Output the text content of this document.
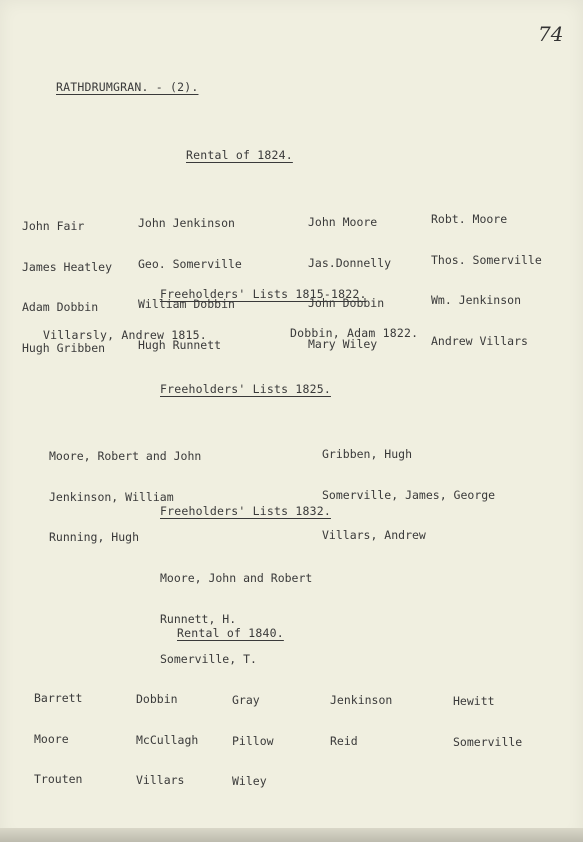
74
RATHDRUMGRAN. - (2).
Rental of 1824.

John Fair

James Heatley

Adam Dobbin

Hugh Gribben

John Jenkinson

Geo. Somerville

William Dobbin

Hugh Runnett

John Moore

Jas.Donnelly

John Dobbin

Mary Wiley

Robt. Moore

Thos. Somerville

Wm. Jenkinson

Andrew Villars

Freeholders' Lists 1815-1822.
Villarsly, Andrew 1815.	Dobbin, Adam 1822.
Freeholders' Lists 1825.

Moore, Robert and John

Jenkinson, William

Running, Hugh

Gribben, Hugh

Somerville, James, George

Villars, Andrew

Freeholders' Lists 1832.

Moore, John and Robert

Runnett, H.

Somerville, T.

Rental of 1840.

Barrett

Moore

Trouten

Dobbin

McCullagh

Villars

Gray

Pillow

Wiley

Jenkinson

Reid

Hewitt

Somerville
